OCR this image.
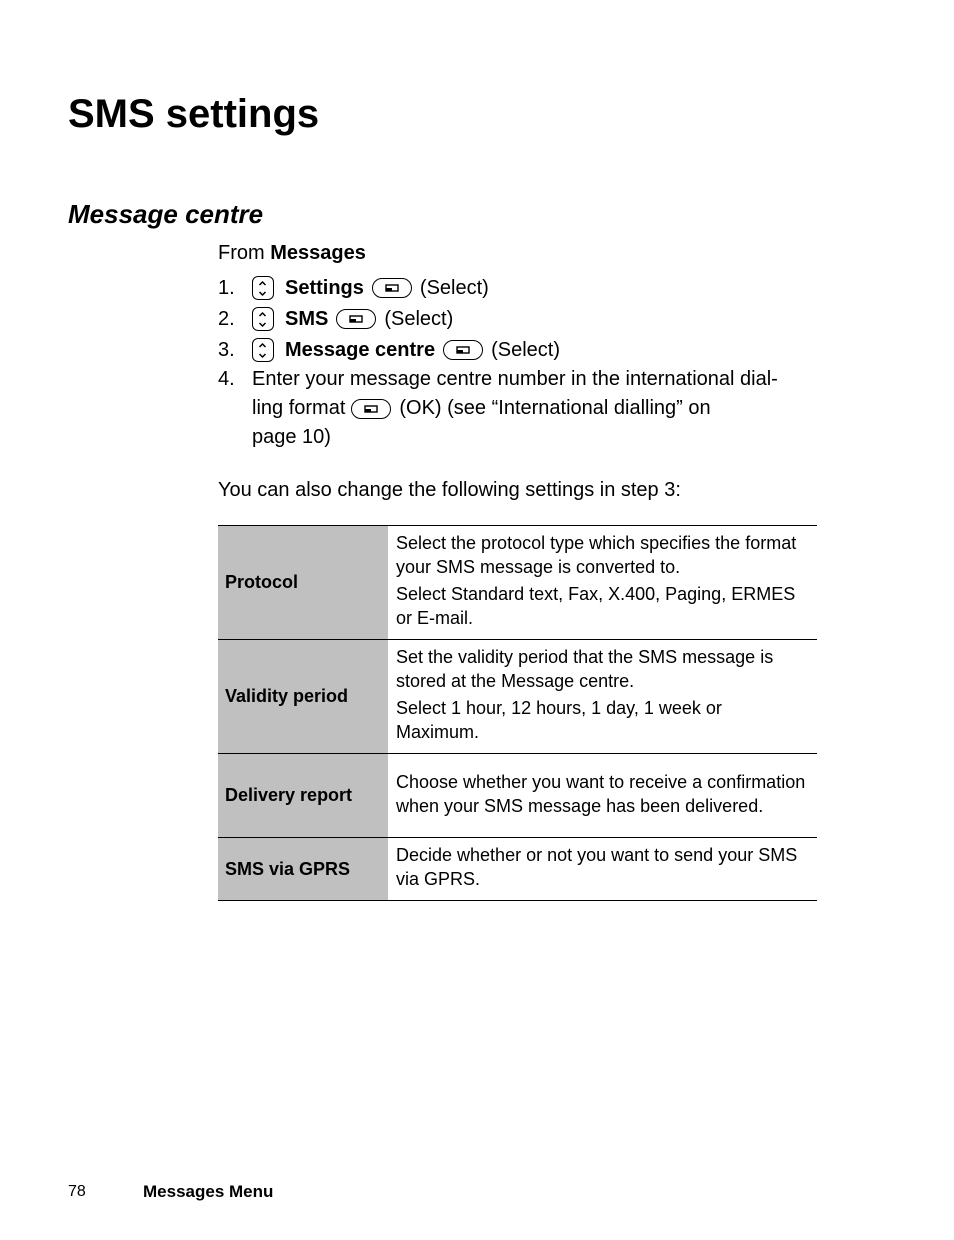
SMS settings
Message centre
From Messages
1.	Settings	(Select)
2.	SMS	(Select)
3.	Message centre	(Select)
4. Enter your message centre number in the international dial-
ling format	(OK) (see “International dialling” on
page 10)
You can also change the following settings in step 3:
Protocol	Select the protocol type which specifies the format your SMS message is converted to.

Select Standard text, Fax, X.400, Paging, ERMES or E-mail.

Validity period	Set the validity period that the SMS message is stored at the Message centre.

Select 1 hour, 12 hours, 1 day, 1 week or Maximum.

Delivery report	Choose whether you want to receive a confirmation when your SMS message has been delivered.

SMS via GPRS	Decide whether or not you want to send your SMS via GPRS.

78	Messages Menu
